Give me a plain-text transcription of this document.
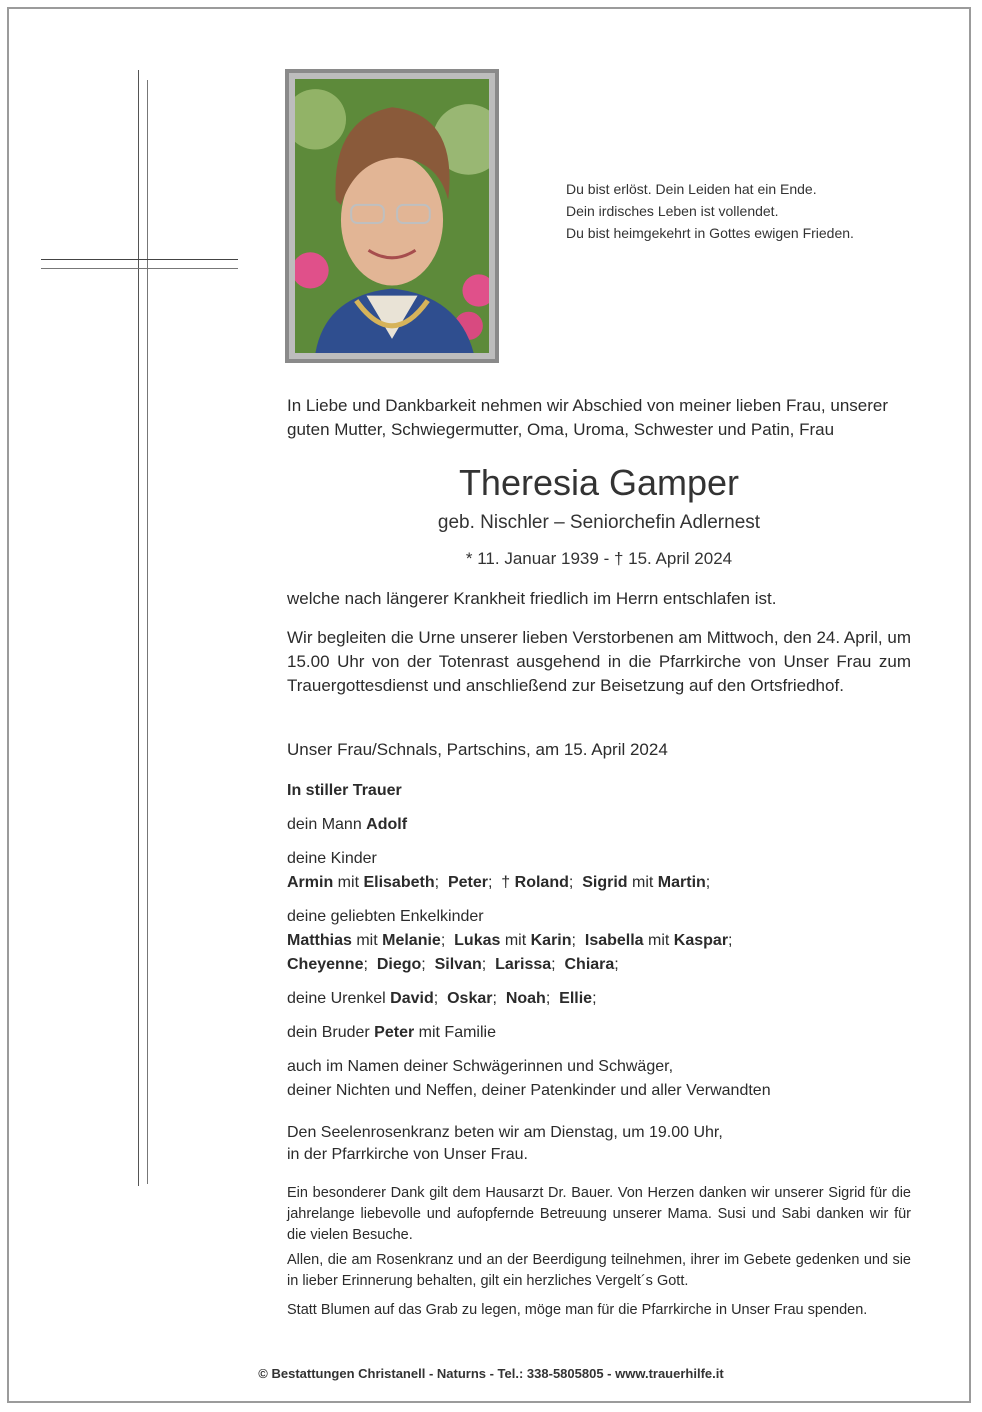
Du bist erlöst. Dein Leiden hat ein Ende.
Dein irdisches Leben ist vollendet.
Du bist heimgekehrt in Gottes ewigen Frieden.
In Liebe und Dankbarkeit nehmen wir Abschied von meiner lieben Frau, unserer guten Mutter, Schwiegermutter, Oma, Uroma, Schwester und Patin, Frau
Theresia Gamper
geb. Nischler – Seniorchefin Adlernest
* 11. Januar 1939 - † 15. April 2024
welche nach längerer Krankheit friedlich im Herrn entschlafen ist.
Wir begleiten die Urne unserer lieben Verstorbenen am Mittwoch, den 24. April, um 15.00 Uhr von der Totenrast ausgehend in die Pfarrkirche von Unser Frau zum Trauergottesdienst und anschließend zur Beisetzung auf den Ortsfriedhof.
Unser Frau/Schnals, Partschins, am 15. April 2024
In stiller Trauer
dein Mann Adolf
deine Kinder
Armin mit Elisabeth;  Peter;  † Roland;  Sigrid mit Martin;
deine geliebten Enkelkinder
Matthias mit Melanie;  Lukas mit Karin;  Isabella mit Kaspar;
Cheyenne;  Diego;  Silvan;  Larissa;  Chiara;
deine Urenkel David;  Oskar;  Noah;  Ellie;
dein Bruder Peter mit Familie
auch im Namen deiner Schwägerinnen und Schwäger,
deiner Nichten und Neffen, deiner Patenkinder und aller Verwandten
Den Seelenrosenkranz beten wir am Dienstag, um 19.00 Uhr,
in der Pfarrkirche von Unser Frau.
Ein besonderer Dank gilt dem Hausarzt Dr. Bauer. Von Herzen danken wir unserer Sigrid für die jahrelange liebevolle und aufopfernde Betreuung unserer Mama. Susi und Sabi danken wir für die vielen Besuche.
Allen, die am Rosenkranz und an der Beerdigung teilnehmen, ihrer im Gebete gedenken und sie in lieber Erinnerung behalten, gilt ein herzliches Vergelt´s Gott.
Statt Blumen auf das Grab zu legen, möge man für die Pfarrkirche in Unser Frau spenden.
© Bestattungen Christanell - Naturns - Tel.: 338-5805805 - www.trauerhilfe.it
